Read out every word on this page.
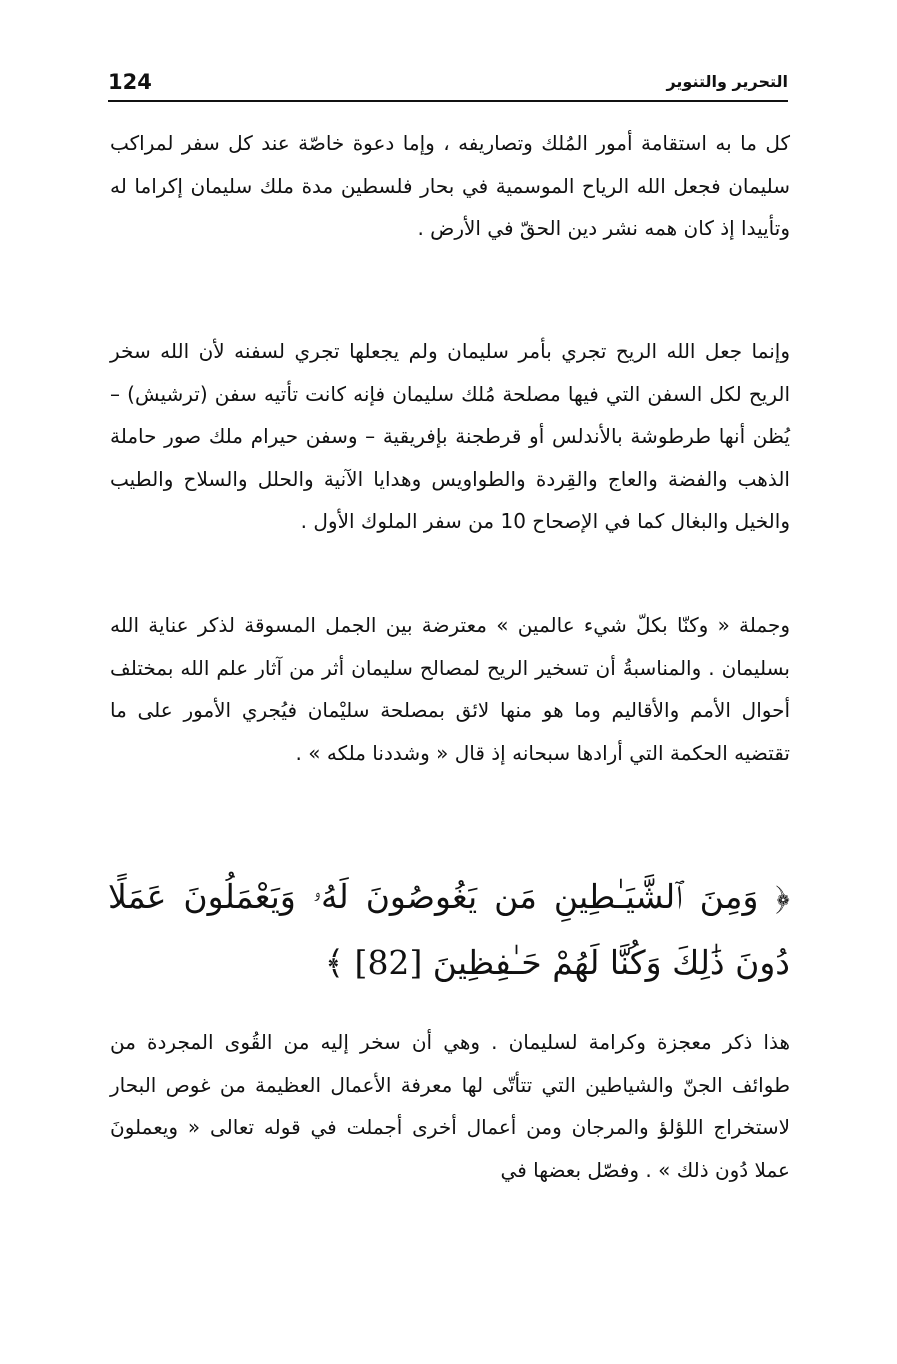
124	التحرير والتنوير

كل ما به استقامة أمور المُلك وتصاريفه ، وإما دعوة خاصّة عند كل سفر لمراكب سليمان فجعل الله الرياح الموسمية في بحار فلسطين مدة ملك سليمان إكراما له وتأييدا إذ كان همه نشر دين الحقّ في الأرض .

وإنما جعل الله الريح تجري بأمر سليمان ولم يجعلها تجري لسفنه لأن الله سخر الريح لكل السفن التي فيها مصلحة مُلك سليمان فإنه كانت تأتيه سفن (ترشيش) – يُظن أنها طرطوشة بالأندلس أو قرطجنة بإفريقية – وسفن حيرام ملك صور حاملة الذهب والفضة والعاج والقِردة والطواويس وهدايا الآنية والحلل والسلاح والطيب والخيل والبغال كما في الإصحاح 10 من سفر الملوك الأول .

وجملة « وكنّا بكلّ شيء عالمين » معترضة بين الجمل المسوقة لذكر عناية الله بسليمان . والمناسبةُ أن تسخير الريح لمصالح سليمان أثر من آثار علم الله بمختلف أحوال الأمم والأقاليم وما هو منها لائق بمصلحة سليْمان فيُجري الأمور على ما تقتضيه الحكمة التي أرادها سبحانه إذ قال « وشددنا ملكه » .

﴿ وَمِنَ ٱلشَّيَـٰطِينِ مَن يَغُوصُونَ لَهُۥ وَيَعْمَلُونَ عَمَلًا دُونَ ذَٰلِكَ وَكُنَّا لَهُمْ حَـٰفِظِينَ [82] ﴾

هذا ذكر معجزة وكرامة لسليمان . وهي أن سخر إليه من القُوى المجردة من طوائف الجنّ والشياطين التي تتأتّى لها معرفة الأعمال العظيمة من غوص البحار لاستخراج اللؤلؤ والمرجان ومن أعمال أخرى أجملت في قوله تعالى « ويعملونَ عملا دُون ذلك » . وفصّل بعضها في
